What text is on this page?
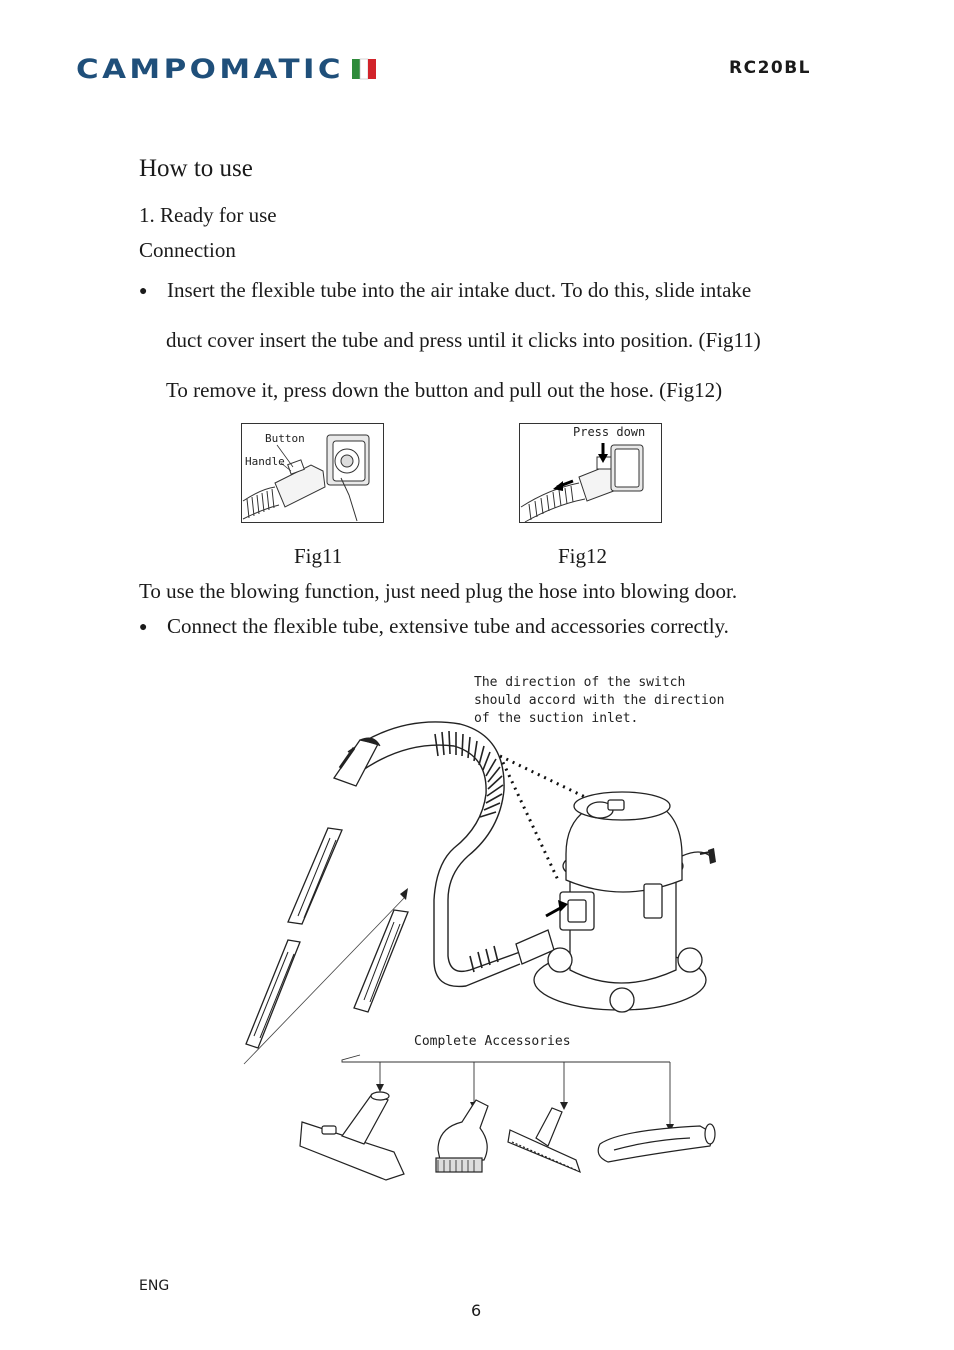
CAMPOMATIC	RC20BL
How to use
1. Ready for use
Connection
● Insert the flexible tube into the air intake duct. To do this, slide intake
duct cover insert the tube and press until it clicks into position. (Fig11)
To remove it, press down the button and pull out the hose. (Fig12)
Button
Handle
Press down
Fig11	Fig12
To use the blowing function, just need plug the hose into blowing door.
● Connect the flexible tube, extensive tube and accessories correctly.
The direction of the switch
should accord with the direction
of the suction inlet.
Complete Accessories
ENG
6
